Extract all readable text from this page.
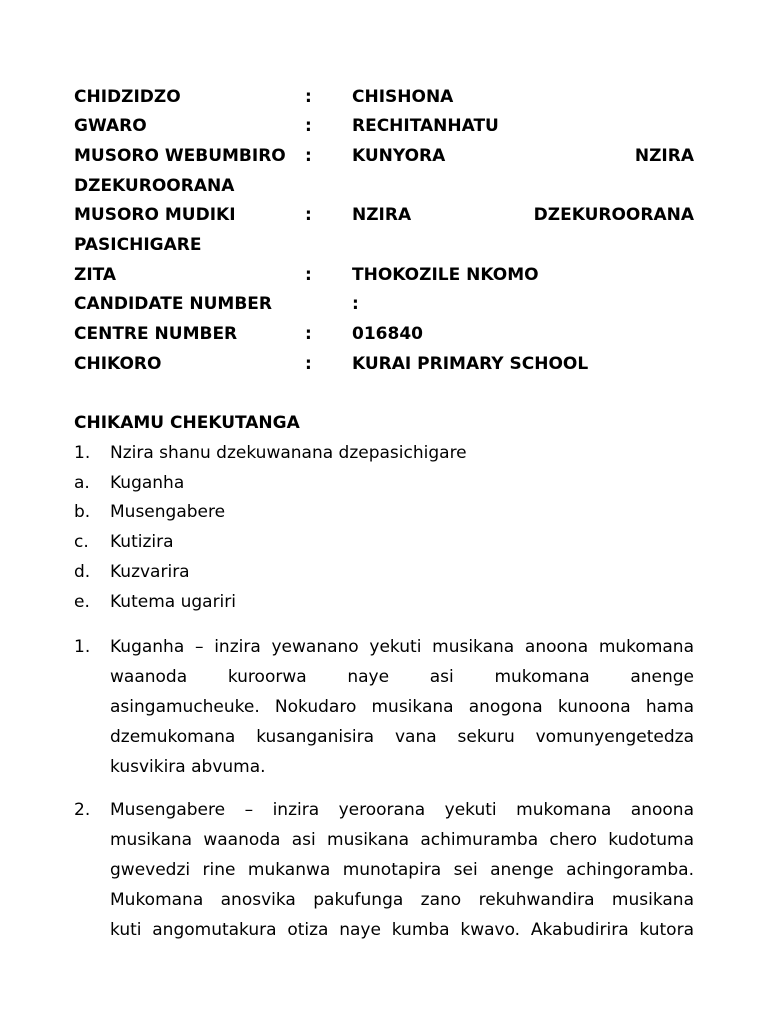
CHIDZIDZO	: CHISHONA
GWARO	: RECHITANHATU
MUSORO WEBUMBIRO : KUNYORA	NZIRA
DZEKUROORANA
MUSORO MUDIKI	: NZIRA	DZEKUROORANA
PASICHIGARE
ZITA	: THOKOZILE NKOMO
CANDIDATE NUMBER	:
CENTRE NUMBER	: 016840
CHIKORO	: KURAI PRIMARY SCHOOL
CHIKAMU CHEKUTANGA
1. Nzira shanu dzekuwanana dzepasichigare
a. Kuganha
b. Musengabere
c. Kutizira
d. Kuzvarira
e. Kutema ugariri
1. Kuganha – inzira yewanano yekuti musikana anoona mukomana
waanoda kuroorwa naye asi mukomana anenge
asingamucheuke. Nokudaro musikana anogona kunoona hama
dzemukomana kusanganisira vana sekuru vomunyengetedza
kusvikira abvuma.
2. Musengabere – inzira yeroorana yekuti mukomana anoona
musikana waanoda asi musikana achimuramba chero kudotuma
gwevedzi rine mukanwa munotapira sei anenge achingoramba.
Mukomana anosvika pakufunga zano rekuhwandira musikana
kuti angomutakura otiza naye kumba kwavo. Akabudirira kutora
